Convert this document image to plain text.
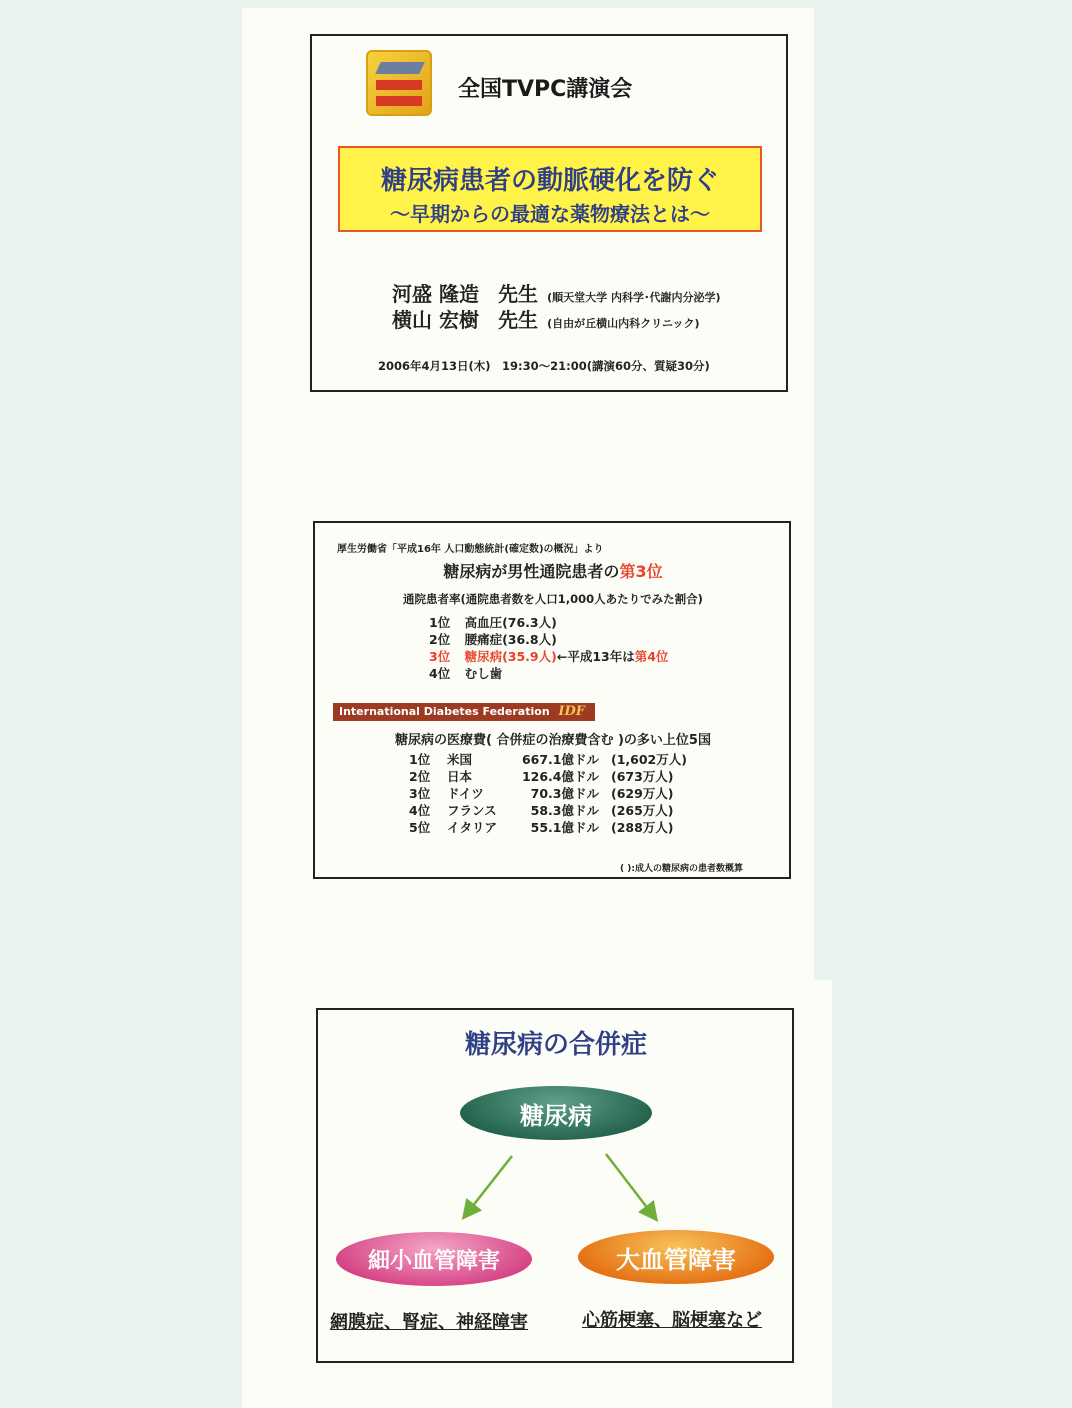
全国TVPC講演会
糖尿病患者の動脈硬化を防ぐ
～早期からの最適な薬物療法とは～
河盛 隆造 先生 (順天堂大学 内科学･代謝内分泌学)
横山 宏樹 先生 (自由が丘横山内科クリニック)
2006年4月13日(木)　19:30～21:00(講演60分、質疑30分)
厚生労働省「平成16年 人口動態統計(確定数)の概況」より
糖尿病が男性通院患者の第3位
通院患者率(通院患者数を人口1,000人あたりでみた割合)
1位 高血圧(76.3人)
2位 腰痛症(36.8人)
3位 糖尿病(35.9人)←平成13年は第4位
4位 むし歯
International Diabetes Federation IDF
糖尿病の医療費( 合併症の治療費含む )の多い上位5国
1位 米国	667.1億ドル (1,602万人)
2位 日本	126.4億ドル (673万人)
3位 ドイツ	70.3億ドル (629万人)
4位 フランス	58.3億ドル (265万人)
5位 イタリア	55.1億ドル (288万人)
( ):成人の糖尿病の患者数概算
糖尿病の合併症
糖尿病
細小血管障害	大血管障害
網膜症、腎症、神経障害	心筋梗塞、脳梗塞など
